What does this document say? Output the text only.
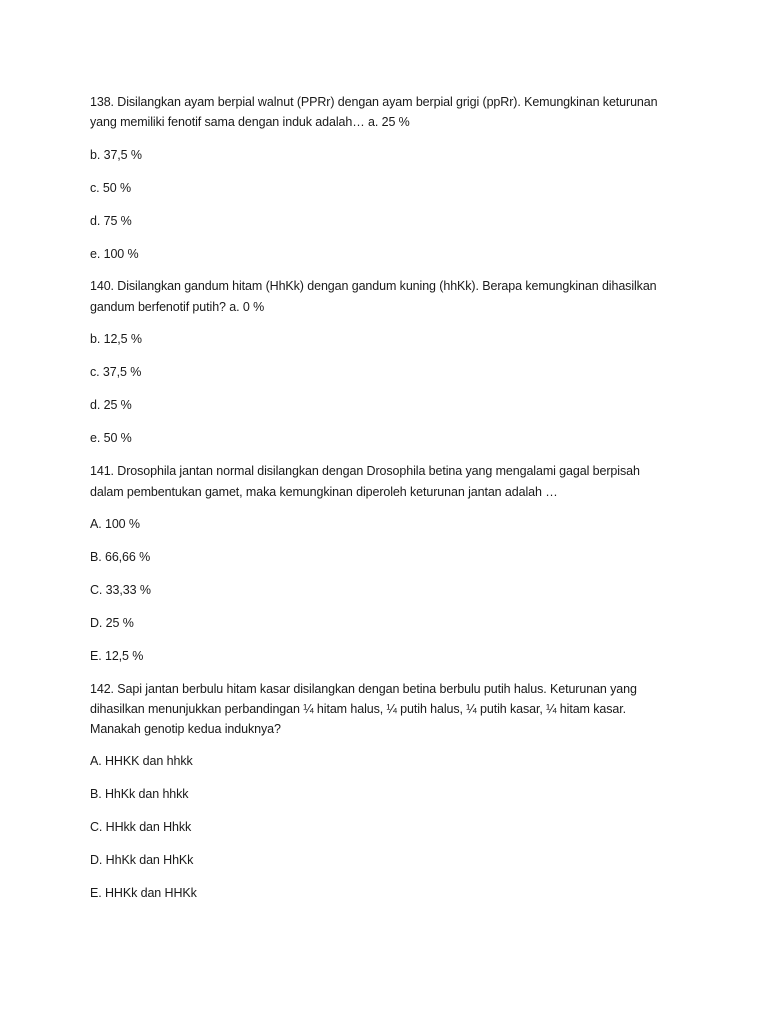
138. Disilangkan ayam berpial walnut (PPRr) dengan ayam berpial grigi (ppRr). Kemungkinan keturunan
yang memiliki fenotif sama dengan induk adalah… a. 25 %
b. 37,5 %
c. 50 %
d. 75 %
e. 100 %
140. Disilangkan gandum hitam (HhKk) dengan gandum kuning (hhKk). Berapa kemungkinan dihasilkan
gandum berfenotif putih? a. 0 %
b. 12,5 %
c. 37,5 %
d. 25 %
e. 50 %
141. Drosophila jantan normal disilangkan dengan Drosophila betina yang mengalami gagal berpisah
dalam pembentukan gamet, maka kemungkinan diperoleh keturunan jantan adalah …
A. 100 %
B. 66,66 %
C. 33,33 %
D. 25 %
E. 12,5 %
142. Sapi jantan berbulu hitam kasar disilangkan dengan betina berbulu putih halus. Keturunan yang
dihasilkan menunjukkan perbandingan ¼ hitam halus, ¼ putih halus, ¼ putih kasar, ¼ hitam kasar.
Manakah genotip kedua induknya?
A. HHKK dan hhkk
B. HhKk dan hhkk
C. HHkk dan Hhkk
D. HhKk dan HhKk
E. HHKk dan HHKk
